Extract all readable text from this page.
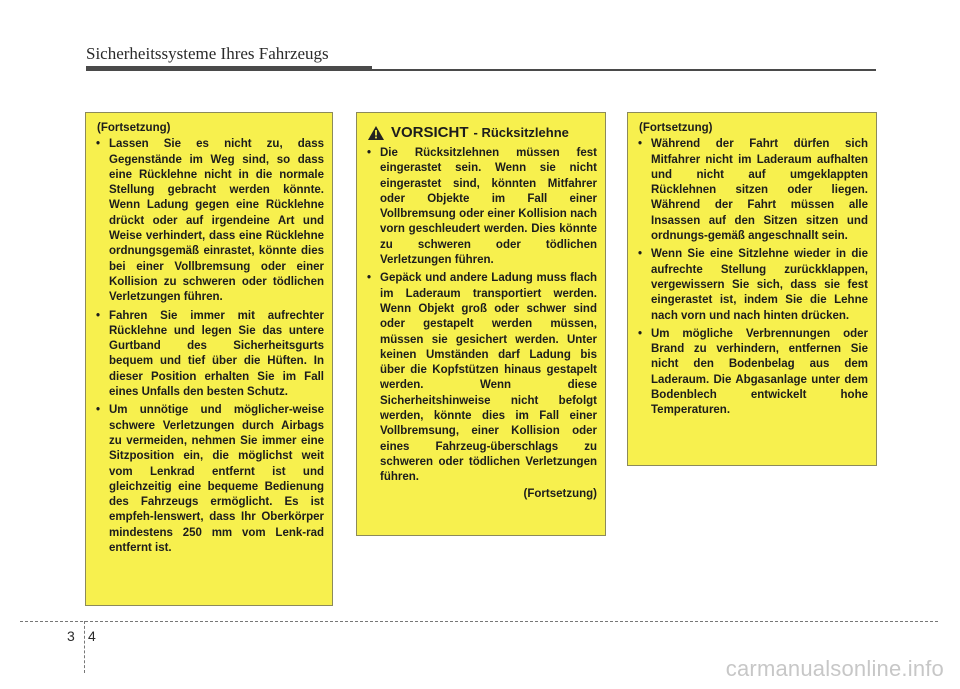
Sicherheitssysteme Ihres Fahrzeugs
(Fortsetzung)
• Lassen Sie es nicht zu, dass Gegenstände im Weg sind, so dass eine Rücklehne nicht in die normale Stellung gebracht werden könnte. Wenn Ladung gegen eine Rücklehne drückt oder auf irgendeine Art und Weise verhindert, dass eine Rücklehne ordnungsgemäß einrastet, könnte dies bei einer Vollbremsung oder einer Kollision zu schweren oder tödlichen Verletzungen führen.
• Fahren Sie immer mit aufrechter Rücklehne und legen Sie das untere Gurtband des Sicherheitsgurts bequem und tief über die Hüften. In dieser Position erhalten Sie im Fall eines Unfalls den besten Schutz.
• Um unnötige und möglicher-weise schwere Verletzungen durch Airbags zu vermeiden, nehmen Sie immer eine Sitzposition ein, die möglichst weit vom Lenkrad entfernt ist und gleichzeitig eine bequeme Bedienung des Fahrzeugs ermöglicht. Es ist empfeh-lenswert, dass Ihr Oberkörper mindestens 250 mm vom Lenk-rad entfernt ist.
VORSICHT - Rücksitzlehne
• Die Rücksitzlehnen müssen fest eingerastet sein. Wenn sie nicht eingerastet sind, könnten Mitfahrer oder Objekte im Fall einer Vollbremsung oder einer Kollision nach vorn geschleudert werden. Dies könnte zu schweren oder tödlichen Verletzungen führen.
• Gepäck und andere Ladung muss flach im Laderaum transportiert werden. Wenn Objekt groß oder schwer sind oder gestapelt werden müssen, müssen sie gesichert werden. Unter keinen Umständen darf Ladung bis über die Kopfstützen hinaus gestapelt werden. Wenn diese Sicherheitshinweise nicht befolgt werden, könnte dies im Fall einer Vollbremsung, einer Kollision oder eines Fahrzeug-überschlags zu schweren oder tödlichen Verletzungen führen.
(Fortsetzung)
(Fortsetzung)
• Während der Fahrt dürfen sich Mitfahrer nicht im Laderaum aufhalten und nicht auf umgeklappten Rücklehnen sitzen oder liegen. Während der Fahrt müssen alle Insassen auf den Sitzen sitzen und ordnungs-gemäß angeschnallt sein.
• Wenn Sie eine Sitzlehne wieder in die aufrechte Stellung zurückklappen, vergewissern Sie sich, dass sie fest eingerastet ist, indem Sie die Lehne nach vorn und nach hinten drücken.
• Um mögliche Verbrennungen oder Brand zu verhindern, entfernen Sie nicht den Bodenbelag aus dem Laderaum. Die Abgasanlage unter dem Bodenblech entwickelt hohe Temperaturen.
3 4
carmanualsonline.info
